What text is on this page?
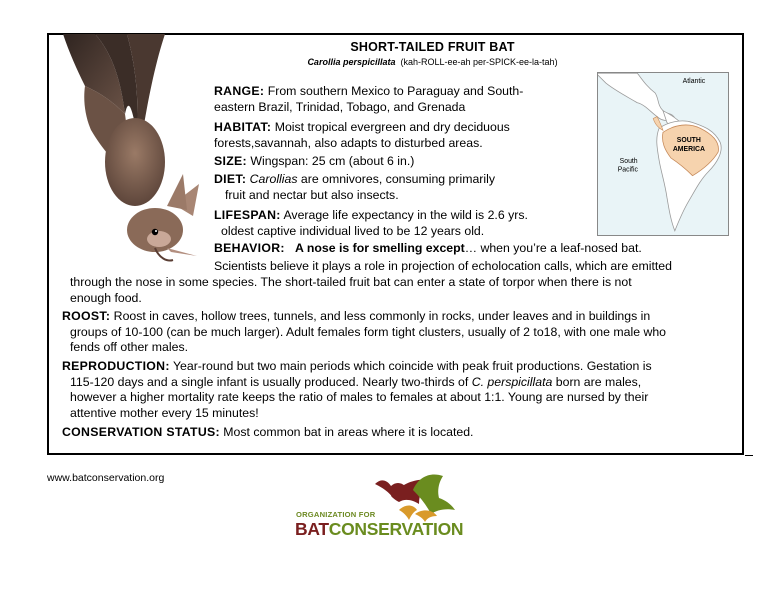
SHORT-TAILED FRUIT BAT
Carollia perspicillata (kah-ROLL-ee-ah per-SPICK-ee-la-tah)
Atlantic
SOUTH
AMERICA
South
Pacific
RANGE: From southern Mexico to Paraguay and South-
eastern Brazil, Trinidad, Tobago, and Grenada
HABITAT: Moist tropical evergreen and dry deciduous
forests,savannah, also adapts to disturbed areas.
SIZE: Wingspan: 25 cm (about 6 in.)
DIET: Carollias are omnivores, consuming primarily
fruit and nectar but also insects.
LIFESPAN: Average life expectancy in the wild is 2.6 yrs.
oldest captive individual lived to be 12 years old.
BEHAVIOR: A nose is for smelling except… when you’re a leaf-nosed bat.
Scientists believe it plays a role in projection of echolocation calls, which are emitted
through the nose in some species. The short-tailed fruit bat can enter a state of torpor when there is not
enough food.
ROOST: Roost in caves, hollow trees, tunnels, and less commonly in rocks, under leaves and in buildings in
groups of 10-100 (can be much larger). Adult females form tight clusters, usually of 2 to18, with one male who
fends off other males.
REPRODUCTION: Year-round but two main periods which coincide with peak fruit productions. Gestation is
115-120 days and a single infant is usually produced. Nearly two-thirds of C. perspicillata born are males,
however a higher mortality rate keeps the ratio of males to females at about 1:1. Young are nursed by their
attentive mother every 15 minutes!
CONSERVATION STATUS: Most common bat in areas where it is located.
www.batconservation.org
ORGANIZATION FOR
BATCONSERVATION
